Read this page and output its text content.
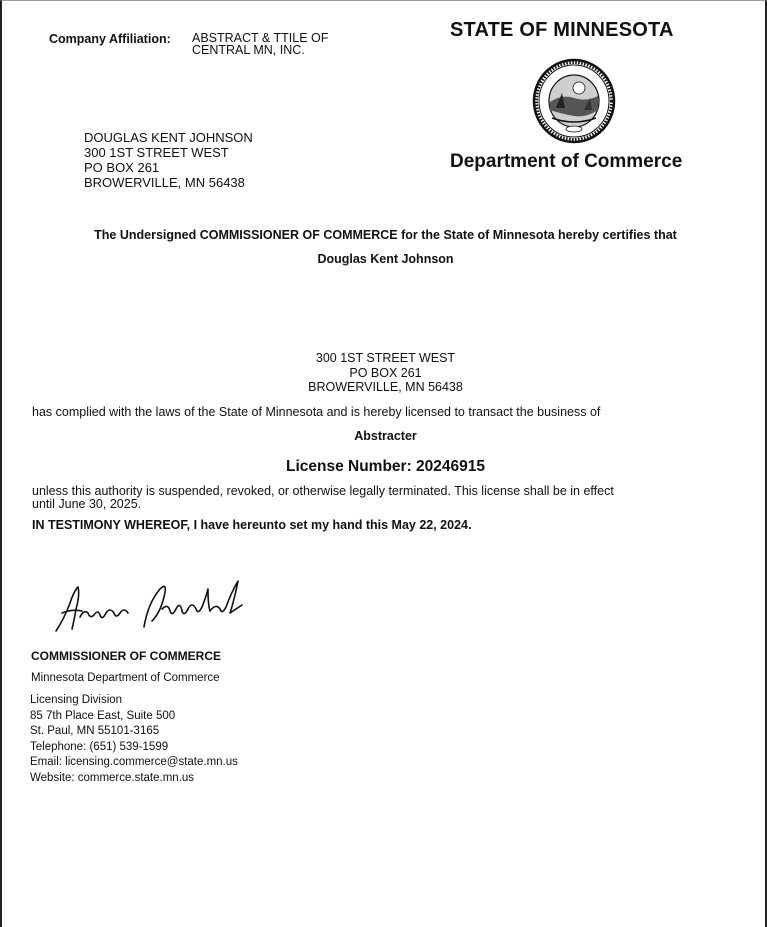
Company Affiliation: ABSTRACT & TTILE OF
CENTRAL MN, INC.
STATE OF MINNESOTA
Department of Commerce
DOUGLAS KENT JOHNSON
300 1ST STREET WEST
PO BOX 261
BROWERVILLE, MN 56438
The Undersigned COMMISSIONER OF COMMERCE for the State of Minnesota hereby certifies that
Douglas Kent Johnson
300 1ST STREET WEST
PO BOX 261
BROWERVILLE, MN 56438
has complied with the laws of the State of Minnesota and is hereby licensed to transact the business of
Abstracter
License Number: 20246915
unless this authority is suspended, revoked, or otherwise legally terminated. This license shall be in effect
until June 30, 2025.
IN TESTIMONY WHEREOF, I have hereunto set my hand this May 22, 2024.
COMMISSIONER OF COMMERCE
Minnesota Department of Commerce
Licensing Division
85 7th Place East, Suite 500
St. Paul, MN 55101-3165
Telephone: (651) 539-1599
Email: licensing.commerce@state.mn.us
Website: commerce.state.mn.us
